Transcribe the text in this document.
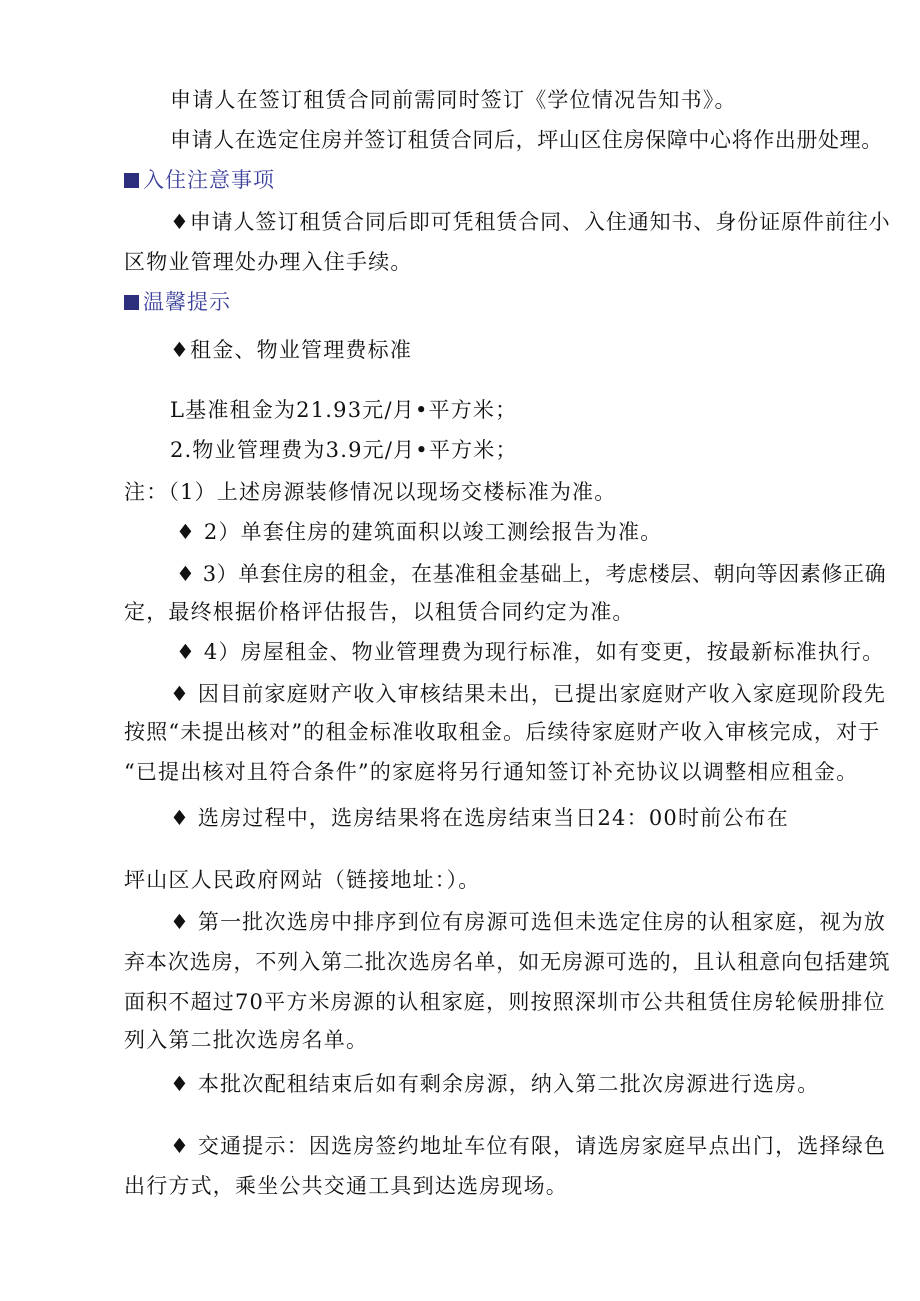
申请人在签订租赁合同前需同时签订《学位情况告知书》。
申请人在选定住房并签订租赁合同后，坪山区住房保障中心将作出册处理。
入住注意事项
♦申请人签订租赁合同后即可凭租赁合同、入住通知书、身份证原件前往小
区物业管理处办理入住手续。
温馨提示
♦租金、物业管理费标准
L基准租金为21.93元/月•平方米；
2.物业管理费为3.9元/月•平方米；
注：（1）上述房源装修情况以现场交楼标准为准。
♦ 2）单套住房的建筑面积以竣工测绘报告为准。
♦ 3）单套住房的租金，在基准租金基础上，考虑楼层、朝向等因素修正确
定，最终根据价格评估报告，以租赁合同约定为准。
♦ 4）房屋租金、物业管理费为现行标准，如有变更，按最新标准执行。
♦ 因目前家庭财产收入审核结果未出，已提出家庭财产收入家庭现阶段先
按照“未提出核对”的租金标准收取租金。后续待家庭财产收入审核完成，对于
“已提出核对且符合条件”的家庭将另行通知签订补充协议以调整相应租金。
♦ 选房过程中，选房结果将在选房结束当日24：00时前公布在
坪山区人民政府网站（链接地址：）。
♦ 第一批次选房中排序到位有房源可选但未选定住房的认租家庭，视为放
弃本次选房，不列入第二批次选房名单，如无房源可选的，且认租意向包括建筑
面积不超过70平方米房源的认租家庭，则按照深圳市公共租赁住房轮候册排位
列入第二批次选房名单。
♦ 本批次配租结束后如有剩余房源，纳入第二批次房源进行选房。
♦ 交通提示：因选房签约地址车位有限，请选房家庭早点出门，选择绿色
出行方式，乘坐公共交通工具到达选房现场。
